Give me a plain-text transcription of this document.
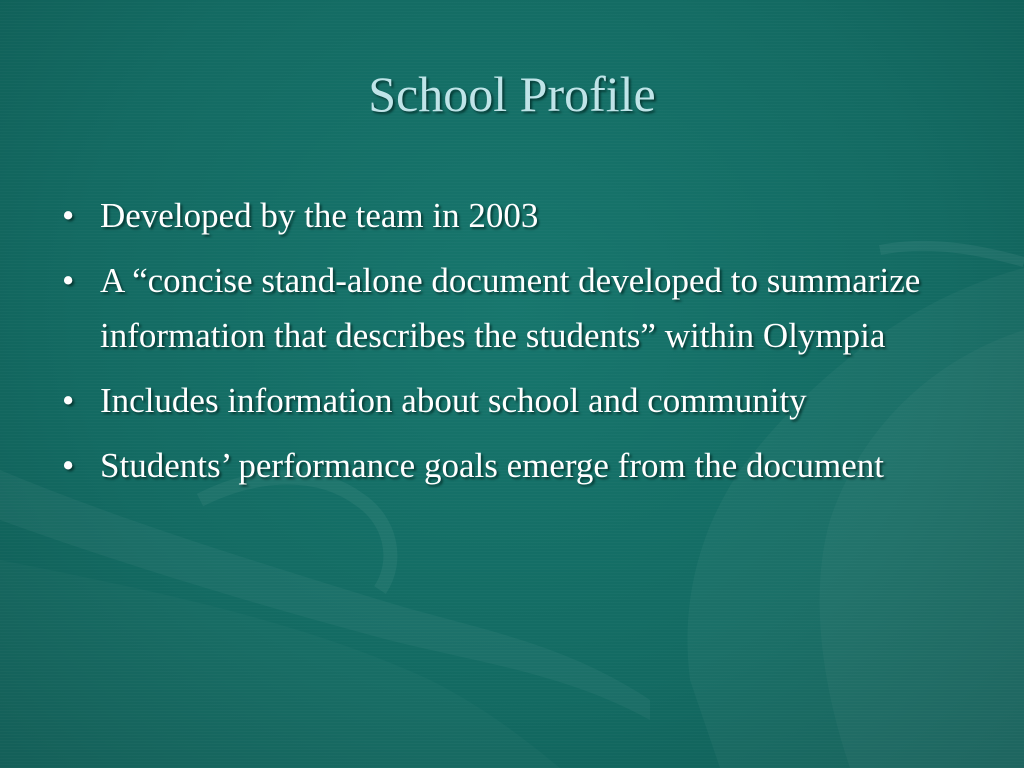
School Profile
• Developed by the team in 2003
• A “concise stand-alone document developed to summarize information that describes the students” within Olympia
• Includes information about school and community
• Students’ performance goals emerge from the document
